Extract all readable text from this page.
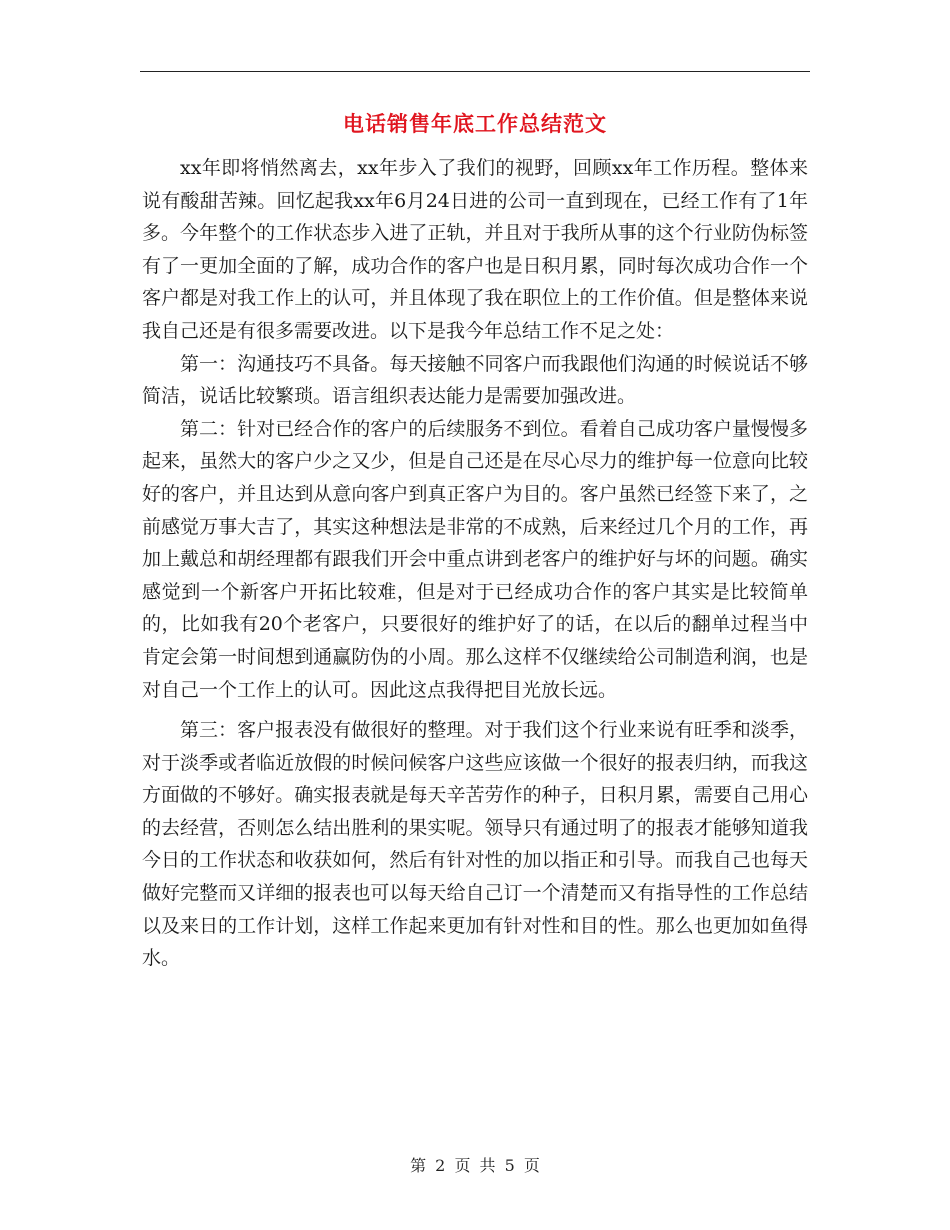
电话销售年底工作总结范文

xx年即将悄然离去，xx年步入了我们的视野，回顾xx年工作历程。整体来说有酸甜苦辣。回忆起我xx年6月24日进的公司一直到现在，已经工作有了1年多。今年整个的工作状态步入进了正轨，并且对于我所从事的这个行业防伪标签有了一更加全面的了解，成功合作的客户也是日积月累，同时每次成功合作一个客户都是对我工作上的认可，并且体现了我在职位上的工作价值。但是整体来说我自己还是有很多需要改进。以下是我今年总结工作不足之处：

第一：沟通技巧不具备。每天接触不同客户而我跟他们沟通的时候说话不够简洁，说话比较繁琐。语言组织表达能力是需要加强改进。

第二：针对已经合作的客户的后续服务不到位。看着自己成功客户量慢慢多起来，虽然大的客户少之又少，但是自己还是在尽心尽力的维护每一位意向比较好的客户，并且达到从意向客户到真正客户为目的。客户虽然已经签下来了，之前感觉万事大吉了，其实这种想法是非常的不成熟，后来经过几个月的工作，再加上戴总和胡经理都有跟我们开会中重点讲到老客户的维护好与坏的问题。确实感觉到一个新客户开拓比较难，但是对于已经成功合作的客户其实是比较简单的，比如我有20个老客户，只要很好的维护好了的话，在以后的翻单过程当中肯定会第一时间想到通赢防伪的小周。那么这样不仅继续给公司制造利润，也是对自己一个工作上的认可。因此这点我得把目光放长远。

第三：客户报表没有做很好的整理。对于我们这个行业来说有旺季和淡季，对于淡季或者临近放假的时候问候客户这些应该做一个很好的报表归纳，而我这方面做的不够好。确实报表就是每天辛苦劳作的种子，日积月累，需要自己用心的去经营，否则怎么结出胜利的果实呢。领导只有通过明了的报表才能够知道我今日的工作状态和收获如何，然后有针对性的加以指正和引导。而我自己也每天做好完整而又详细的报表也可以每天给自己订一个清楚而又有指导性的工作总结以及来日的工作计划，这样工作起来更加有针对性和目的性。那么也更加如鱼得水。

第 2 页 共 5 页
